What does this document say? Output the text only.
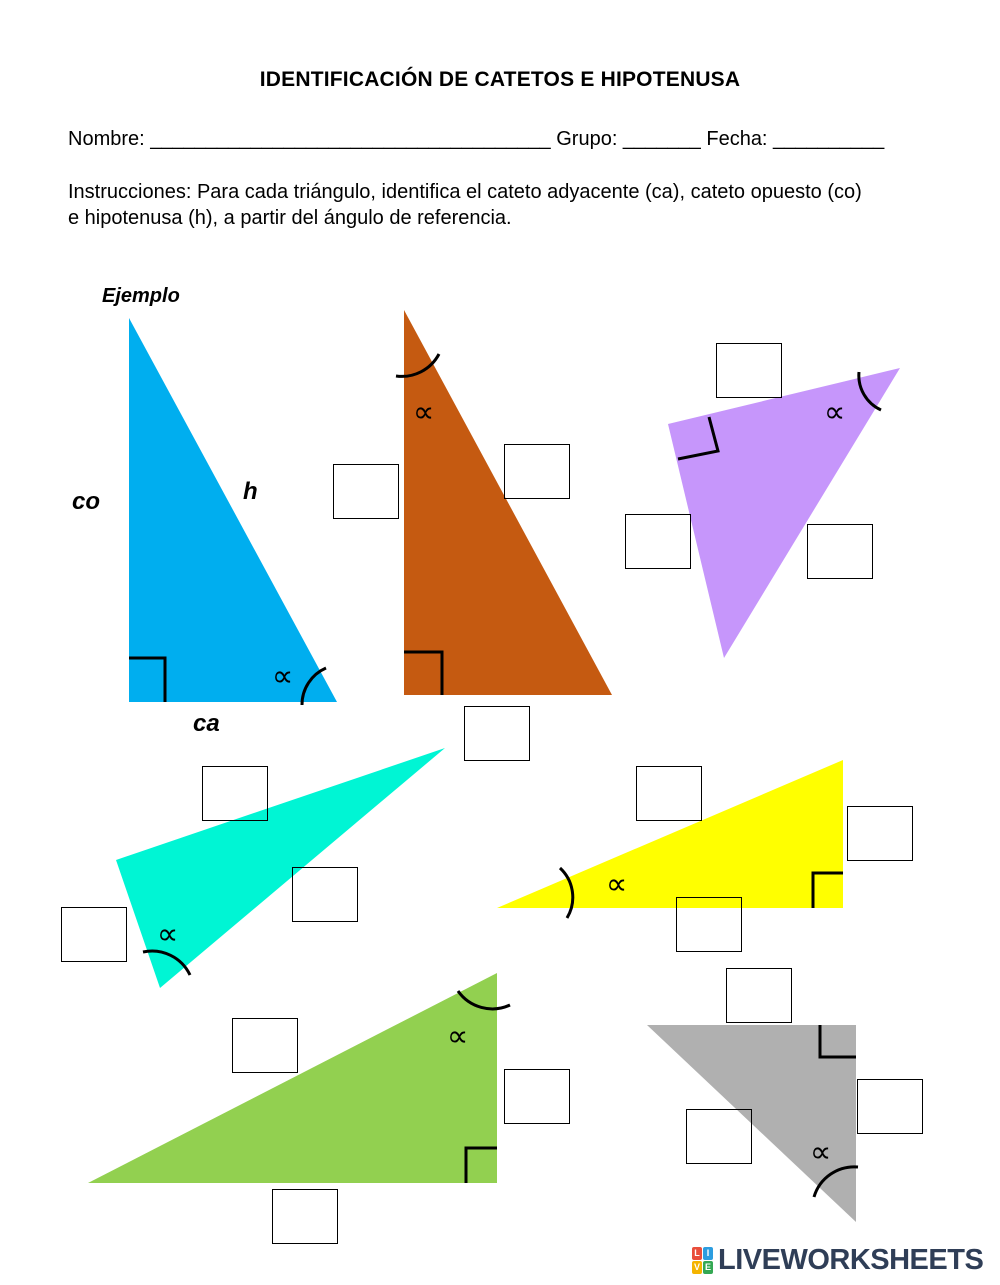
IDENTIFICACIÓN DE CATETOS E HIPOTENUSA
Nombre: ____________________________________ Grupo: _______ Fecha: __________
Instrucciones: Para cada triángulo, identifica el cateto adyacente (ca), cateto opuesto (co)
e hipotenusa (h), a partir del ángulo de referencia.
Ejemplo
∝
∝	∝
∝
∝
∝
∝
co	h
ca
L I
V E LIVEWORKSHEETS
